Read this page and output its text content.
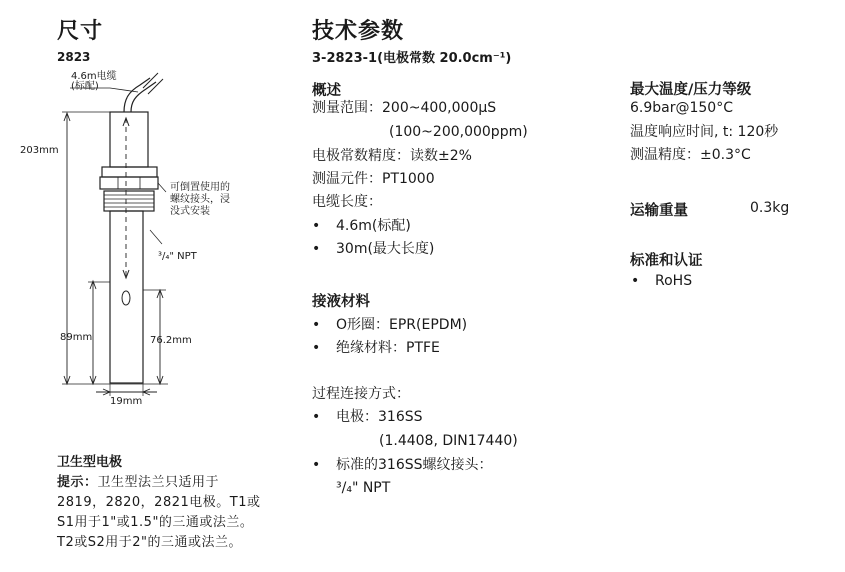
尺寸
2823
4.6m电缆
(标配)
203mm
可倒置使用的
螺纹接头，浸
没式安装
³/₄" NPT
89mm	76.2mm
19mm
卫生型电极
提示：卫生型法兰只适用于2819，2820，2821电极。T1或S1用于1"或1.5"的三通或法兰。T2或S2用于2"的三通或法兰。
技术参数
3-2823-1(电极常数 20.0cm⁻¹)
概述
测量范围：200~400,000μS
(100~200,000ppm)
电极常数精度：读数±2%
测温元件：PT1000
电缆长度：
• 4.6m(标配)
• 30m(最大长度)
接液材料
• O形圈：EPR(EPDM)
• 绝缘材料：PTFE
过程连接方式：
• 电极：316SS
(1.4408, DIN17440)
• 标准的316SS螺纹接头：
³/₄" NPT
最大温度/压力等级
6.9bar@150°C
温度响应时间, t: 120秒
测温精度：±0.3°C
运输重量	0.3kg
标准和认证
• RoHS
